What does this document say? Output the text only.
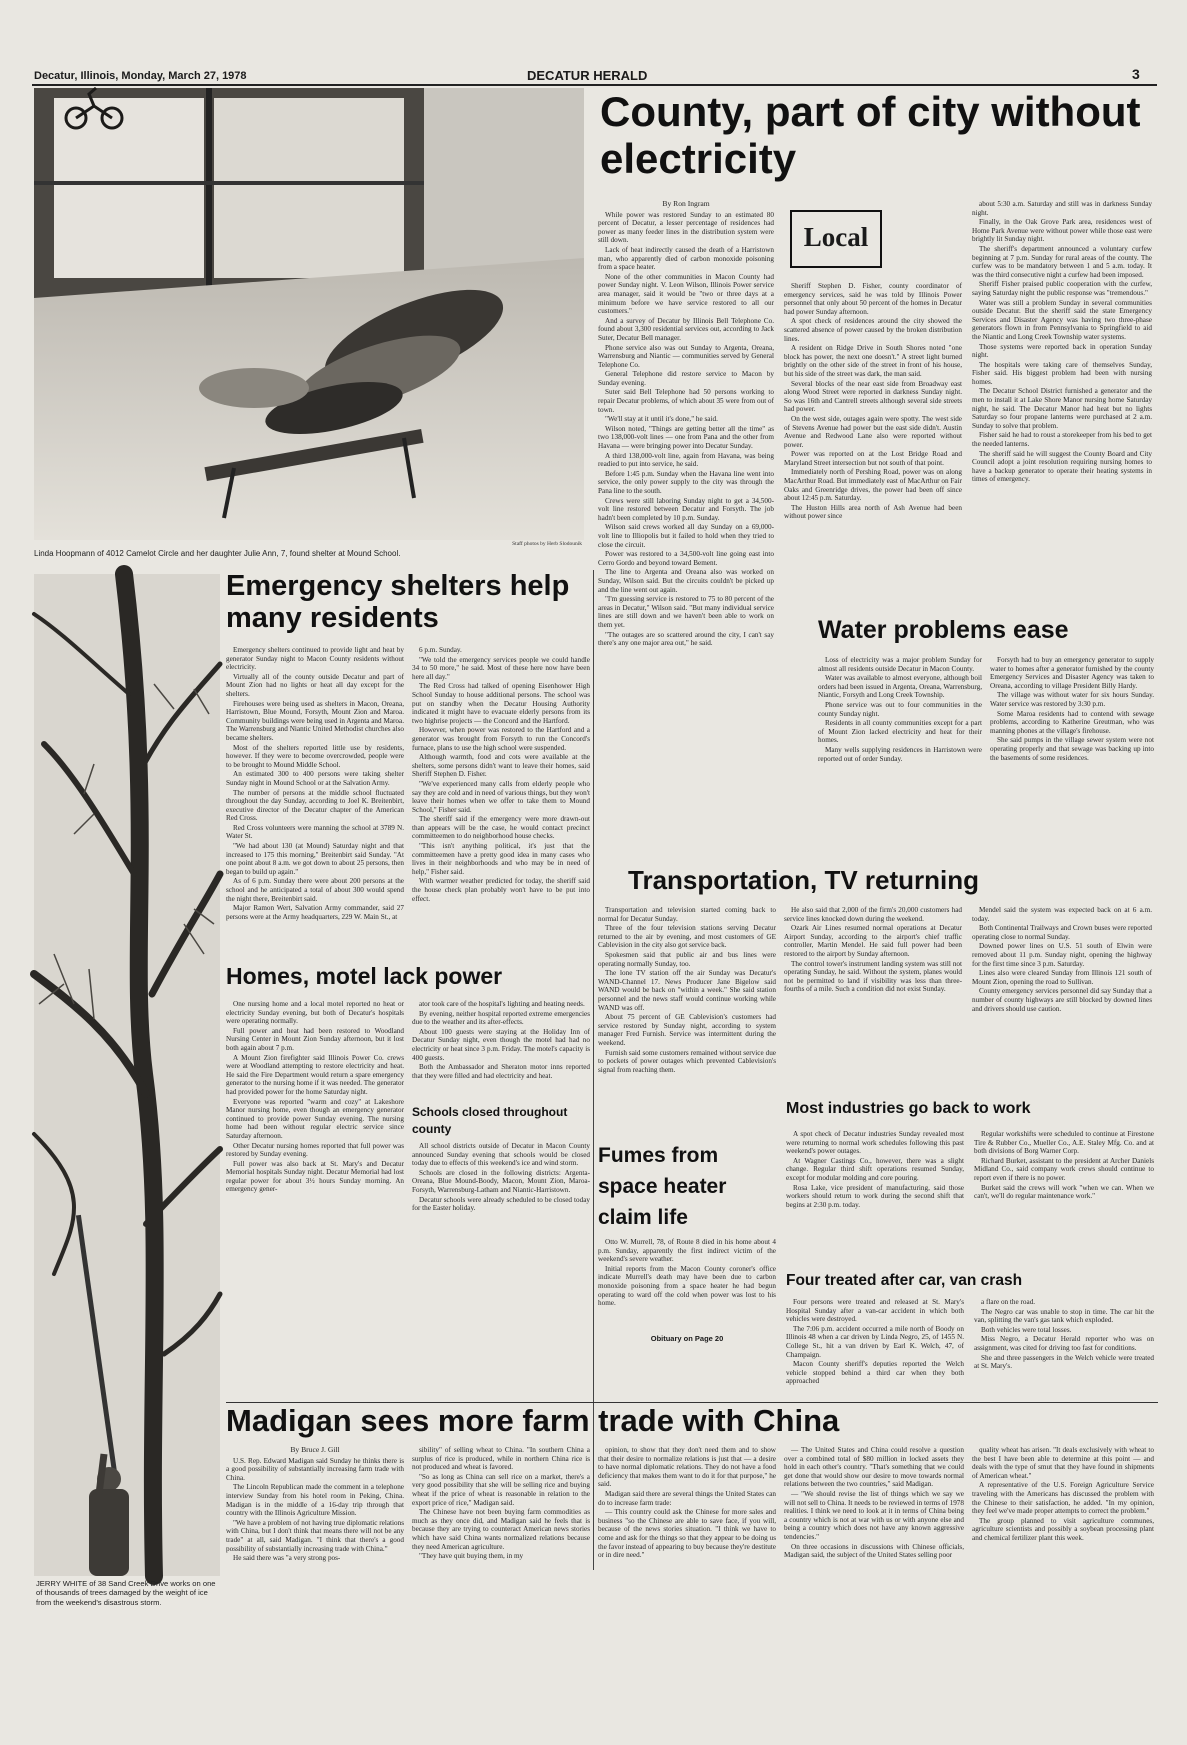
Decatur, Illinois, Monday, March 27, 1978	DECATUR HERALD	3
Staff photos by Herb Slodounik
Linda Hoopmann of 4012 Camelot Circle and her daughter Julie Ann, 7, found shelter at Mound School.
County, part of city without electricity
By Ron Ingram

While power was restored Sunday to an estimated 80 percent of Decatur, a lesser percentage of residences had power as many feeder lines in the distribution system were still down.

Lack of heat indirectly caused the death of a Harristown man, who apparently died of carbon monoxide poisoning from a space heater.

None of the other communities in Macon County had power Sunday night. V. Leon Wilson, Illinois Power service area manager, said it would be "two or three days at a minimum before we have service restored to all our customers."

And a survey of Decatur by Illinois Bell Telephone Co. found about 3,300 residential services out, according to Jack Suter, Decatur Bell manager.

Phone service also was out Sunday to Argenta, Oreana, Warrensburg and Niantic — communities served by General Telephone Co.

General Telephone did restore service to Macon by Sunday evening.

Suter said Bell Telephone had 50 persons working to repair Decatur problems, of which about 35 were from out of town.

"We'll stay at it until it's done," he said.

Wilson noted, "Things are getting better all the time" as two 138,000-volt lines — one from Pana and the other from Havana — were bringing power into Decatur Sunday.

A third 138,000-volt line, again from Havana, was being readied to put into service, he said.

Before 1:45 p.m. Sunday when the Havana line went into service, the only power supply to the city was through the Pana line to the south.

Crews were still laboring Sunday night to get a 34,500-volt line restored between Decatur and Forsyth. The job hadn't been completed by 10 p.m. Sunday.

Wilson said crews worked all day Sunday on a 69,000-volt line to Illiopolis but it failed to hold when they tried to close the circuit.

Power was restored to a 34,500-volt line going east into Cerro Gordo and beyond toward Bement.

The line to Argenta and Oreana also was worked on Sunday, Wilson said. But the circuits couldn't be picked up and the line went out again.

"I'm guessing service is restored to 75 to 80 percent of the areas in Decatur," Wilson said. "But many individual service lines are still down and we haven't been able to work on them yet.

"The outages are so scattered around the city, I can't say there's any one major area out," he said.

Local

Sheriff Stephen D. Fisher, county coordinator of emergency services, said he was told by Illinois Power personnel that only about 50 percent of the homes in Decatur had power Sunday afternoon.

A spot check of residences around the city showed the scattered absence of power caused by the broken distribution lines.

A resident on Ridge Drive in South Shores noted "one block has power, the next one doesn't." A street light burned brightly on the other side of the street in front of his house, but his side of the street was dark, the man said.

Several blocks of the near east side from Broadway east along Wood Street were reported in darkness Sunday night. So was 16th and Cantrell streets although several side streets had power.

On the west side, outages again were spotty. The west side of Stevens Avenue had power but the east side didn't. Austin Avenue and Redwood Lane also were reported without power.

Power was reported on at the Lost Bridge Road and Maryland Street intersection but not south of that point.

Immediately north of Pershing Road, power was on along MacArthur Road. But immediately east of MacArthur on Fair Oaks and Greenridge drives, the power had been off since about 12:45 p.m. Saturday.

The Huston Hills area north of Ash Avenue had been without power since

about 5:30 a.m. Saturday and still was in darkness Sunday night.

Finally, in the Oak Grove Park area, residences west of Home Park Avenue were without power while those east were brightly lit Sunday night.

The sheriff's department announced a voluntary curfew beginning at 7 p.m. Sunday for rural areas of the county. The curfew was to be mandatory between 1 and 5 a.m. today. It was the third consecutive night a curfew had been imposed.

Sheriff Fisher praised public cooperation with the curfew, saying Saturday night the public response was "tremendous."

Water was still a problem Sunday in several communities outside Decatur. But the sheriff said the state Emergency Services and Disaster Agency was having two three-phase generators flown in from Pennsylvania to Springfield to aid the Niantic and Long Creek Township water systems.

Those systems were reported back in operation Sunday night.

The hospitals were taking care of themselves Sunday, Fisher said. His biggest problem had been with nursing homes.

The Decatur School District furnished a generator and the men to install it at Lake Shore Manor nursing home Saturday night, he said. The Decatur Manor had heat but no lights Saturday so four propane lanterns were purchased at 2 a.m. Sunday to solve that problem.

Fisher said he had to roust a storekeeper from his bed to get the needed lanterns.

The sheriff said he will suggest the County Board and City Council adopt a joint resolution requiring nursing homes to have a backup generator to operate their heating systems in times of emergency.

JERRY WHITE of 38 Sand Creek Drive works on one of thousands of trees damaged by the weight of ice from the weekend's disastrous storm.
Emergency shelters help many residents

Emergency shelters continued to provide light and heat by generator Sunday night to Macon County residents without electricity.

Virtually all of the county outside Decatur and part of Mount Zion had no lights or heat all day except for the shelters.

Firehouses were being used as shelters in Macon, Oreana, Harristown, Blue Mound, Forsyth, Mount Zion and Maroa. Community buildings were being used in Argenta and Maroa. The Warrensburg and Niantic United Methodist churches also became shelters.

Most of the shelters reported little use by residents, however. If they were to become overcrowded, people were to be brought to Mound Middle School.

An estimated 300 to 400 persons were taking shelter Sunday night in Mound School or at the Salvation Army.

The number of persons at the middle school fluctuated throughout the day Sunday, according to Joel K. Breitenbirt, executive director of the Decatur chapter of the American Red Cross.

Red Cross volunteers were manning the school at 3789 N. Water St.

"We had about 130 (at Mound) Saturday night and that increased to 175 this morning," Breitenbirt said Sunday. "At one point about 8 a.m. we got down to about 25 persons, then began to build up again."

As of 6 p.m. Sunday there were about 200 persons at the school and he anticipated a total of about 300 would spend the night there, Breitenbirt said.

Major Ramon Wert, Salvation Army commander, said 27 persons were at the Army headquarters, 229 W. Main St., at

6 p.m. Sunday.

"We told the emergency services people we could handle 34 to 50 more," he said. Most of these here now have been here all day."

The Red Cross had talked of opening Eisenhower High School Sunday to house additional persons. The school was put on standby when the Decatur Housing Authority indicated it might have to evacuate elderly persons from its two highrise projects — the Concord and the Hartford.

However, when power was restored to the Hartford and a generator was brought from Forsyth to run the Concord's furnace, plans to use the high school were suspended.

Although warmth, food and cots were available at the shelters, some persons didn't want to leave their homes, said Sheriff Stephen D. Fisher.

"We've experienced many calls from elderly people who say they are cold and in need of various things, but they won't leave their homes when we offer to take them to Mound School," Fisher said.

The sheriff said if the emergency were more drawn-out than appears will be the case, he would contact precinct committeemen to do neighborhood house checks.

"This isn't anything political, it's just that the committeemen have a pretty good idea in many cases who lives in their neighborhoods and who may be in need of help," Fisher said.

With warmer weather predicted for today, the sheriff said the house check plan probably won't have to be put into effect.

Homes, motel lack power

One nursing home and a local motel reported no heat or electricity Sunday evening, but both of Decatur's hospitals were operating normally.

Full power and heat had been restored to Woodland Nursing Center in Mount Zion Sunday afternoon, but it lost both again about 7 p.m.

A Mount Zion firefighter said Illinois Power Co. crews were at Woodland attempting to restore electricity and heat. He said the Fire Department would return a spare emergency generator to the nursing home if it was needed. The generator had provided power for the home Saturday night.

Everyone was reported "warm and cozy" at Lakeshore Manor nursing home, even though an emergency generator continued to provide power Sunday evening. The nursing home had been without regular electric service since Saturday afternoon.

Other Decatur nursing homes reported that full power was restored by Sunday evening.

Full power was also back at St. Mary's and Decatur Memorial hospitals Sunday night. Decatur Memorial had lost regular power for about 3½ hours Sunday morning. An emergency gener-

ator took care of the hospital's lighting and heating needs.

By evening, neither hospital reported extreme emergencies due to the weather and its after-effects.

About 100 guests were staying at the Holiday Inn of Decatur Sunday night, even though the motel had had no electricity or heat since 3 p.m. Friday. The motel's capacity is 400 guests.

Both the Ambassador and Sheraton motor inns reported that they were filled and had electricity and heat.

Schools closed throughout county

All school districts outside of Decatur in Macon County announced Sunday evening that schools would be closed today due to effects of this weekend's ice and wind storm.

Schools are closed in the following districts: Argenta-Oreana, Blue Mound-Boody, Macon, Mount Zion, Maroa-Forsyth, Warrensburg-Latham and Niantic-Harristown.

Decatur schools were already scheduled to be closed today for the Easter holiday.

Water problems ease

Loss of electricity was a major problem Sunday for almost all residents outside Decatur in Macon County.

Water was available to almost everyone, although boil orders had been issued in Argenta, Oreana, Warrensburg, Niantic, Forsyth and Long Creek Township.

Phone service was out to four communities in the county Sunday night.

Residents in all county communities except for a part of Mount Zion lacked electricity and heat for their homes.

Many wells supplying residences in Harristown were reported out of order Sunday.

Forsyth had to buy an emergency generator to supply water to homes after a generator furnished by the county Emergency Services and Disaster Agency was taken to Oreana, according to village President Billy Hardy.

The village was without water for six hours Sunday. Water service was restored by 3:30 p.m.

Some Maroa residents had to contend with sewage problems, according to Katherine Greutman, who was manning phones at the village's firehouse.

She said pumps in the village sewer system were not operating properly and that sewage was backing up into the basements of some residences.

Transportation, TV returning

Transportation and television started coming back to normal for Decatur Sunday.

Three of the four television stations serving Decatur returned to the air by evening, and most customers of GE Cablevision in the city also got service back.

Spokesmen said that public air and bus lines were operating normally Sunday, too.

The lone TV station off the air Sunday was Decatur's WAND-Channel 17. News Producer Jane Bigelow said WAND would be back on "within a week." She said station personnel and the news staff would continue working while WAND was off.

About 75 percent of GE Cablevision's customers had service restored by Sunday night, according to system manager Fred Furnish. Service was intermittent during the weekend.

Furnish said some customers remained without service due to pockets of power outages which prevented Cablevision's signal from reaching them.

He also said that 2,000 of the firm's 20,000 customers had service lines knocked down during the weekend.

Ozark Air Lines resumed normal operations at Decatur Airport Sunday, according to the airport's chief traffic controller, Martin Mendel. He said full power had been restored to the airport by Sunday afternoon.

The control tower's instrument landing system was still not operating Sunday, he said. Without the system, planes would not be permitted to land if visibility was less than three-fourths of a mile. Such a condition did not exist Sunday.

Mendel said the system was expected back on at 6 a.m. today.

Both Continental Trailways and Crown buses were reported operating close to normal Sunday.

Downed power lines on U.S. 51 south of Elwin were removed about 11 p.m. Sunday night, opening the highway for the first time since 3 p.m. Saturday.

Lines also were cleared Sunday from Illinois 121 south of Mount Zion, opening the road to Sullivan.

County emergency services personnel did say Sunday that a number of county highways are still blocked by downed lines and drivers should use caution.

Fumes from space heater claim life

Otto W. Murrell, 78, of Route 8 died in his home about 4 p.m. Sunday, apparently the first indirect victim of the weekend's severe weather.

Initial reports from the Macon County coroner's office indicate Murrell's death may have been due to carbon monoxide poisoning from a space heater he had begun operating to ward off the cold when power was lost to his home.

Obituary on Page 20
Most industries go back to work

A spot check of Decatur industries Sunday revealed most were returning to normal work schedules following this past weekend's power outages.

At Wagner Castings Co., however, there was a slight change. Regular third shift operations resumed Sunday, except for modular molding and core pouring.

Rosa Lake, vice president of manufacturing, said those workers should return to work during the second shift that begins at 2:30 p.m. today.

Regular workshifts were scheduled to continue at Firestone Tire & Rubber Co., Mueller Co., A.E. Staley Mfg. Co. and at both divisions of Borg Warner Corp.

Richard Burket, assistant to the president at Archer Daniels Midland Co., said company work crews should continue to report even if there is no power.

Burket said the crews will work "when we can. When we can't, we'll do regular maintenance work."

Four treated after car, van crash

Four persons were treated and released at St. Mary's Hospital Sunday after a van-car accident in which both vehicles were destroyed.

The 7:06 p.m. accident occurred a mile north of Boody on Illinois 48 when a car driven by Linda Negro, 25, of 1455 N. College St., hit a van driven by Earl K. Welch, 47, of Champaign.

Macon County sheriff's deputies reported the Welch vehicle stopped behind a third car when they both approached

a flare on the road.

The Negro car was unable to stop in time. The car hit the van, splitting the van's gas tank which exploded.

Both vehicles were total losses.

Miss Negro, a Decatur Herald reporter who was on assignment, was cited for driving too fast for conditions.

She and three passengers in the Welch vehicle were treated at St. Mary's.

Madigan sees more farm trade with China
By Bruce J. Gill

U.S. Rep. Edward Madigan said Sunday he thinks there is a good possibility of substantially increasing farm trade with China.

The Lincoln Republican made the comment in a telephone interview Sunday from his hotel room in Peking, China. Madigan is in the middle of a 16-day trip through that country with the Illinois Agriculture Mission.

"We have a problem of not having true diplomatic relations with China, but I don't think that means there will not be any trade" at all, said Madigan. "I think that there's a good possibility of substantially increasing trade with China."

He said there was "a very strong pos-

sibility" of selling wheat to China. "In southern China a surplus of rice is produced, while in northern China rice is not produced and wheat is favored.

"So as long as China can sell rice on a market, there's a very good possibility that she will be selling rice and buying wheat if the price of wheat is reasonable in relation to the export price of rice," Madigan said.

The Chinese have not been buying farm commodities as much as they once did, and Madigan said he feels that is because they are trying to counteract American news stories which have said China wants normalized relations because they need American agriculture.

"They have quit buying them, in my

opinion, to show that they don't need them and to show that their desire to normalize relations is just that — a desire to have normal diplomatic relations. They do not have a food deficiency that makes them want to do it for that purpose," he said.

Madigan said there are several things the United States can do to increase farm trade:

— This country could ask the Chinese for more sales and business "so the Chinese are able to save face, if you will, because of the news stories situation. "I think we have to come and ask for the things so that they appear to be doing us the favor instead of appearing to buy because they're destitute or in dire need."

— The United States and China could resolve a question over a combined total of $80 million in locked assets they hold in each other's country. "That's something that we could get done that would show our desire to move towards normal relations between the two countries," said Madigan.

— "We should revise the list of things which we say we will not sell to China. It needs to be reviewed in terms of 1978 realities. I think we need to look at it in terms of China being a country which is not at war with us or with anyone else and being a country which does not have any known aggressive tendencies."

On three occasions in discussions with Chinese officials, Madigan said, the subject of the United States selling poor

quality wheat has arisen. "It deals exclusively with wheat to the best I have been able to determine at this point — and deals with the type of smut that they have found in shipments of American wheat."

A representative of the U.S. Foreign Agriculture Service traveling with the Americans has discussed the problem with the Chinese to their satisfaction, he added. "In my opinion, they feel we've made proper attempts to correct the problem."

The group planned to visit agriculture communes, agriculture scientists and possibly a soybean processing plant and chemical fertilizer plant this week.
